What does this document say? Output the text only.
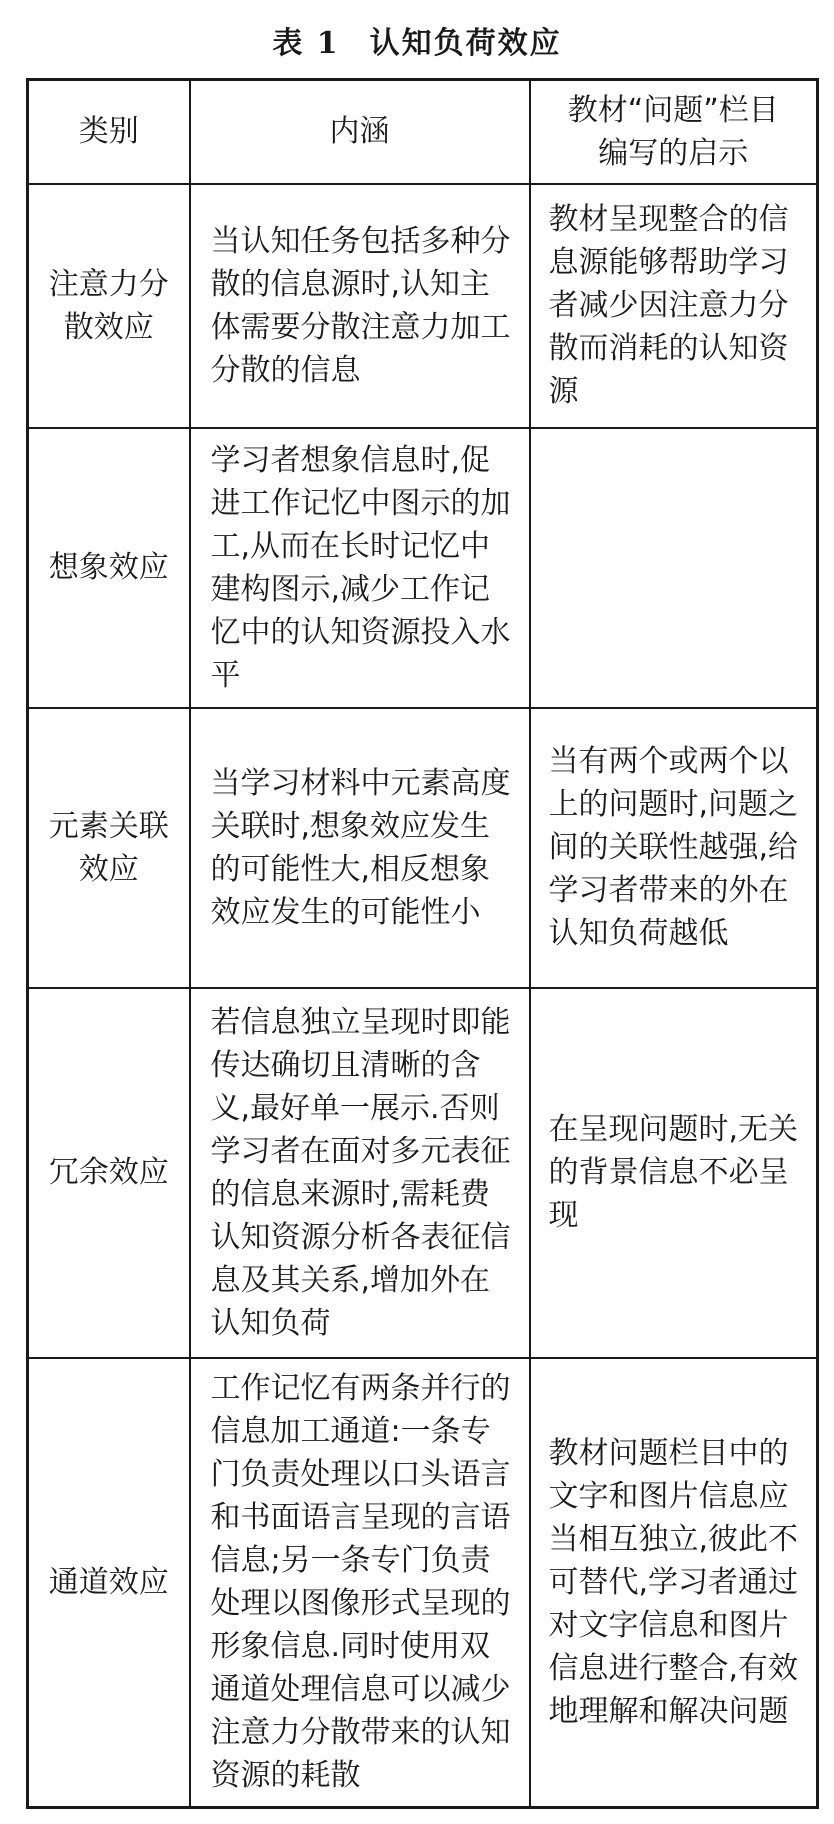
表 1 认知负荷效应
类别	内涵	教材“问题”栏目编写的启示
注意力分散效应	当认知任务包括多种分散的信息源时,认知主体需要分散注意力加工分散的信息	教材呈现整合的信息源能够帮助学习者减少因注意力分散而消耗的认知资源
想象效应	学习者想象信息时,促进工作记忆中图示的加工,从而在长时记忆中建构图示,减少工作记忆中的认知资源投入水平	
元素关联效应	当学习材料中元素高度关联时,想象效应发生的可能性大,相反想象效应发生的可能性小	当有两个或两个以上的问题时,问题之间的关联性越强,给学习者带来的外在认知负荷越低
冗余效应	若信息独立呈现时即能传达确切且清晰的含义,最好单一展示.否则学习者在面对多元表征的信息来源时,需耗费认知资源分析各表征信息及其关系,增加外在认知负荷	在呈现问题时,无关的背景信息不必呈现
通道效应	工作记忆有两条并行的信息加工通道:一条专门负责处理以口头语言和书面语言呈现的言语信息;另一条专门负责处理以图像形式呈现的形象信息.同时使用双通道处理信息可以减少注意力分散带来的认知资源的耗散	教材问题栏目中的文字和图片信息应当相互独立,彼此不可替代,学习者通过对文字信息和图片信息进行整合,有效地理解和解决问题
